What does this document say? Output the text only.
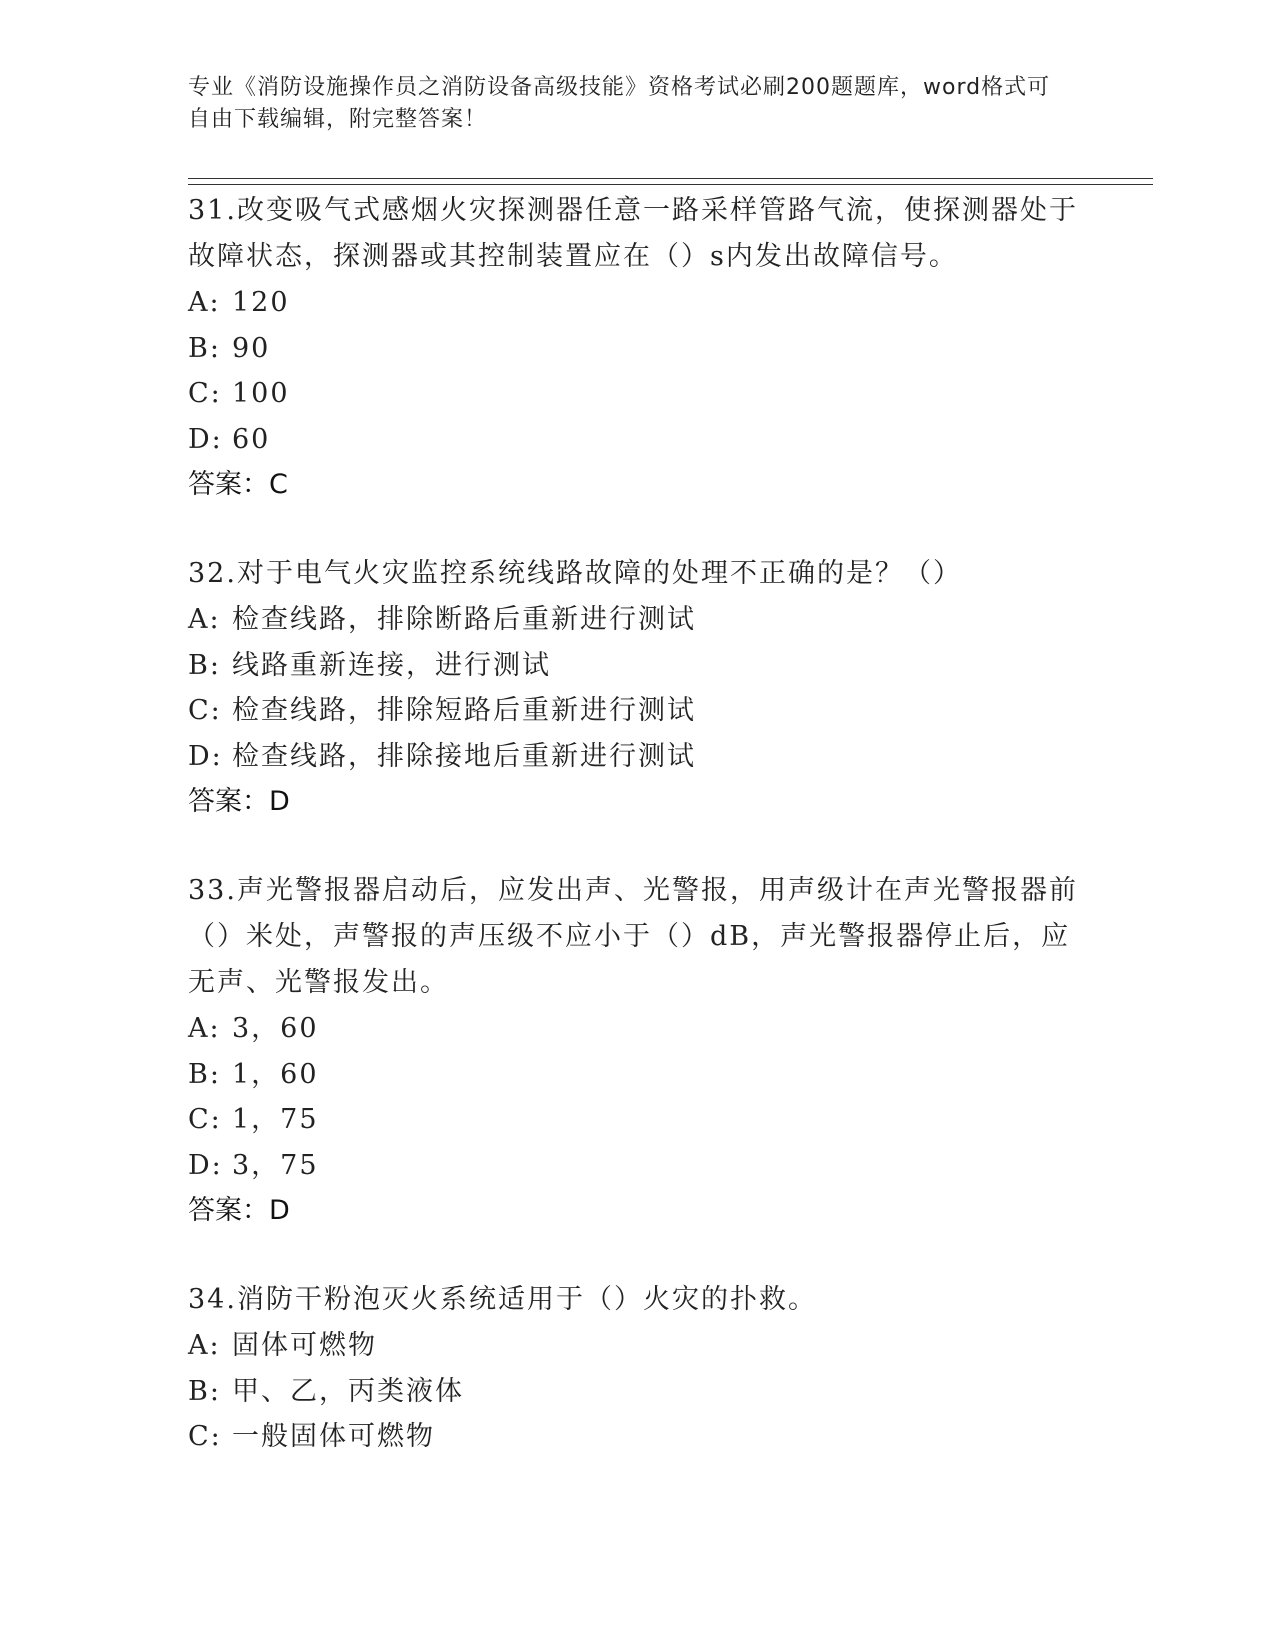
专业《消防设施操作员之消防设备高级技能》资格考试必刷200题题库，word格式可自由下载编辑，附完整答案！

31.改变吸气式感烟火灾探测器任意一路采样管路气流，使探测器处于故障状态，探测器或其控制装置应在（）s内发出故障信号。

A: 120

B: 90

C: 100

D: 60

答案：C

32.对于电气火灾监控系统线路故障的处理不正确的是？（）

A: 检查线路，排除断路后重新进行测试

B: 线路重新连接，进行测试

C: 检查线路，排除短路后重新进行测试

D: 检查线路，排除接地后重新进行测试

答案：D

33.声光警报器启动后，应发出声、光警报，用声级计在声光警报器前（）米处，声警报的声压级不应小于（）dB，声光警报器停止后，应无声、光警报发出。

A: 3，60

B: 1，60

C: 1，75

D: 3，75

答案：D

34.消防干粉泡灭火系统适用于（）火灾的扑救。

A: 固体可燃物

B: 甲、乙，丙类液体

C: 一般固体可燃物
